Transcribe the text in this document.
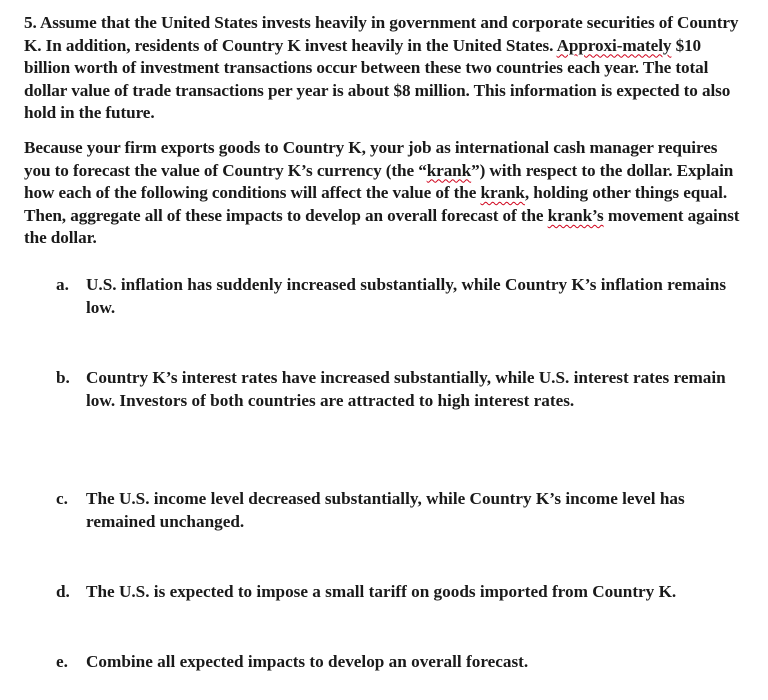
5. Assume that the United States invests heavily in government and corporate securities of Country K. In addition, residents of Country K invest heavily in the United States. Approxi-mately $10 billion worth of investment transactions occur between these two countries each year. The total dollar value of trade transactions per year is about $8 million. This information is expected to also hold in the future.

Because your firm exports goods to Country K, your job as international cash manager requires you to forecast the value of Country K’s currency (the “krank”) with respect to the dollar. Explain how each of the following conditions will affect the value of the krank, holding other things equal. Then, aggregate all of these impacts to develop an overall forecast of the krank’s movement against the dollar.

a. U.S. inflation has suddenly increased substantially, while Country K’s inflation remains low.
b. Country K’s interest rates have increased substantially, while U.S. interest rates remain low. Investors of both countries are attracted to high interest rates.
c.	The U.S. income level decreased substantially, while Country K’s income level has remained unchanged.
d. The U.S. is expected to impose a small tariff on goods imported from Country K.
e.	Combine all expected impacts to develop an overall forecast.
